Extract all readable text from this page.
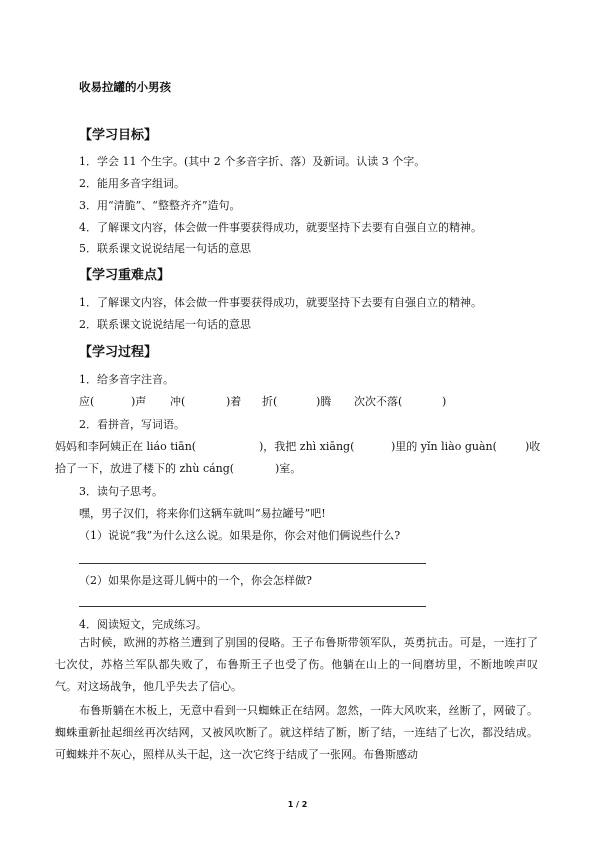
收易拉罐的小男孩
【学习目标】
1．学会 11 个生字。(其中 2 个多音字折、落）及新词。认读 3 个字。
2．能用多音字组词。
3．用“清脆”、“整整齐齐”造句。
4．了解课文内容，体会做一件事要获得成功，就要坚持下去要有自强自立的精神。
5．联系课文说说结尾一句话的意思
【学习重难点】
1．了解课文内容，体会做一件事要获得成功，就要坚持下去要有自强自立的精神。
2．联系课文说说结尾一句话的意思
【学习过程】
1．给多音字注音。
应(	)声 冲(	)着 折(	)腾 次次不落(	)
2．看拼音，写词语。
妈妈和李阿姨正在 liáo tiān(	)，我把 zhì xiāng(	)里的 yǐn liào guàn(	)收
拾了一下，放进了楼下的 zhù cáng(	)室。
3．读句子思考。
嘿，男子汉们，将来你们这辆车就叫“易拉罐号”吧!
（1）说说“我”为什么这么说。如果是你，你会对他们俩说些什么?
（2）如果你是这哥儿俩中的一个，你会怎样做?
4．阅读短文，完成练习。
古时候，欧洲的苏格兰遭到了别国的侵略。王子布鲁斯带领军队，英勇抗击。可是，一连打了七次仗，苏格兰军队都失败了，布鲁斯王子也受了伤。他躺在山上的一间磨坊里，不断地唉声叹气。对这场战争，他几乎失去了信心。
布鲁斯躺在木板上，无意中看到一只蜘蛛正在结网。忽然，一阵大风吹来，丝断了，网破了。蜘蛛重新扯起细丝再次结网，又被风吹断了。就这样结了断，断了结，一连结了七次，都没结成。可蜘蛛并不灰心，照样从头干起，这一次它终于结成了一张网。布鲁斯感动
1 / 2
